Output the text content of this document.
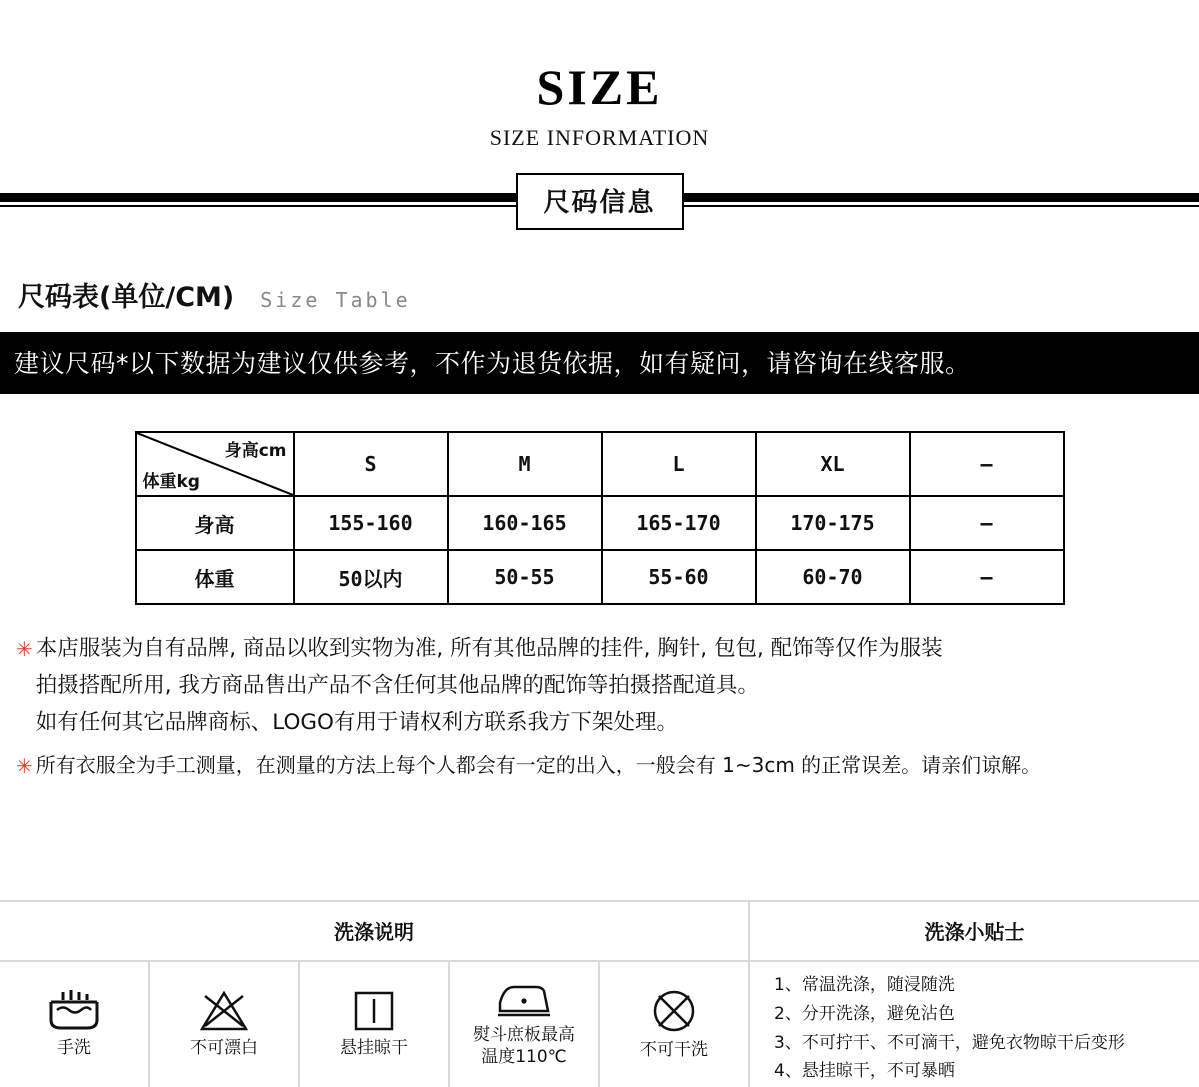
SIZE
SIZE INFORMATION
尺码信息
尺码表(单位/CM) Size Table
建议尺码*以下数据为建议仅供参考，不作为退货依据，如有疑问，请咨询在线客服。
身高cm
体重kg	S	M	L	XL	–
身高	155-160	160-165	165-170	170-175	–
体重	50以内	50-55	55-60	60-70	–
✳ 本店服装为自有品牌, 商品以收到实物为准, 所有其他品牌的挂件, 胸针, 包包, 配饰等仅作为服装

拍摄搭配所用, 我方商品售出产品不含任何其他品牌的配饰等拍摄搭配道具。

如有任何其它品牌商标、LOGO有用于请权利方联系我方下架处理。

✳ 所有衣服全为手工测量，在测量的方法上每个人都会有一定的出入，一般会有 1~3cm 的正常误差。请亲们谅解。

洗涤说明	洗涤小贴士
手洗	不可漂白	悬挂晾干
熨斗庶板最高
温度110℃	不可干洗
1、常温洗涤，随浸随洗
2、分开洗涤，避免沾色
3、不可拧干、不可滴干，避免衣物晾干后变形
4、悬挂晾干，不可暴晒
